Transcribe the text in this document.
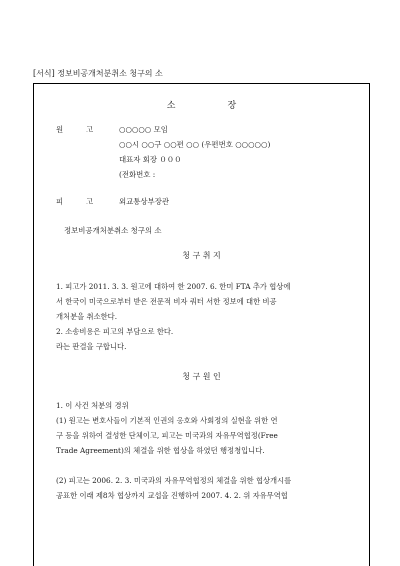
[서식] 정보비공개처분취소 청구의 소
소	장
원	고	○○○○○ 모임
○○시 ○○구 ○○편 ○○ (우편번호 ○○○○○)
대표자 회장 ０００
(전화번호 :
피	고	외교통상부장관
정보비공개처분취소 청구의 소
청 구 취 지
1. 피고가 2011. 3. 3. 원고에 대하여 한 2007. 6. 한미 FTA 추가 협상에
서 한국이 미국으로부터 받은 전문적 비자 쿼터 서한 정보에 대한 비공
개처분을 취소한다.
2. 소송비용은 피고의 부담으로 한다.
라는 판결을 구합니다.
청 구 원 인
1. 이 사건 처분의 경위
(1) 원고는 변호사들이 기본적 인권의 옹호와 사회정의 실현을 위한 연
구 등을 위하여 결성한 단체이고, 피고는 미국과의 자유무역협정(Free
Trade Agreement)의 체결을 위한 협상을 하였던 행정청입니다.
(2) 피고는 2006. 2. 3. 미국과의 자유무역협정의 체결을 위한 협상개시를
공표한 이래 제8차 협상까지 교섭을 진행하여 2007. 4. 2. 위 자유무역협
